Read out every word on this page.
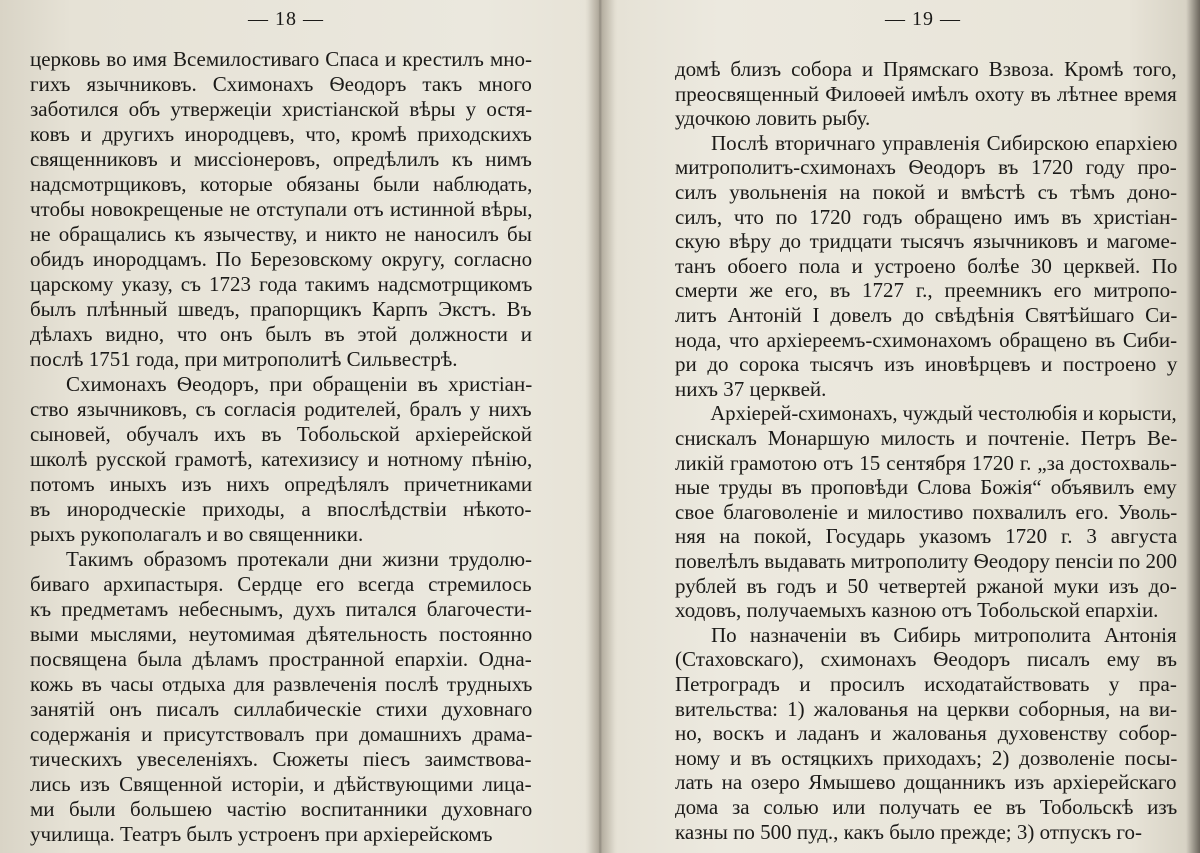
— 18 —
церковь во имя Всемилостиваго Спаса и крестилъ мно-
гихъ язычниковъ. Схимонахъ Ѳеодоръ такъ много
заботился объ утвержеціи христіанской вѣры у остя-
ковъ и другихъ инородцевъ, что, кромѣ приходскихъ
священниковъ и миссіонеровъ, опредѣлилъ къ нимъ
надсмотрщиковъ, которые обязаны были наблюдать,
чтобы новокрещеные не отступали отъ истинной вѣры,
не обращались къ язычеству, и никто не наносилъ бы
обидъ инородцамъ. По Березовскому округу, согласно
царскому указу, съ 1723 года такимъ надсмотрщикомъ
былъ плѣнный шведъ, прапорщикъ Карпъ Экстъ. Въ
дѣлахъ видно, что онъ былъ въ этой должности и
послѣ 1751 года, при митрополитѣ Сильвестрѣ.
Схимонахъ Ѳеодоръ, при обращеніи въ христіан-
ство язычниковъ, съ согласія родителей, бралъ у нихъ
сыновей, обучалъ ихъ въ Тобольской архіерейской
школѣ русской грамотѣ, катехизису и нотному пѣнію,
потомъ иныхъ изъ нихъ опредѣлялъ причетниками
въ инородческіе приходы, а впослѣдствіи нѣкото-
рыхъ рукополагалъ и во священники.
Такимъ образомъ протекали дни жизни трудолю-
биваго архипастыря. Сердце его всегда стремилось
къ предметамъ небеснымъ, духъ питался благочести-
выми мыслями, неутомимая дѣятельность постоянно
посвящена была дѣламъ пространной епархіи. Одна-
кожь въ часы отдыха для развлеченія послѣ трудныхъ
занятій онъ писалъ силлабическіе стихи духовнаго
содержанія и присутствовалъ при домашнихъ драма-
тическихъ увеселеніяхъ. Сюжеты піесъ заимствова-
лись изъ Священной исторіи, и дѣйствующими лица-
ми были большею частію воспитанники духовнаго
училища. Театръ былъ устроенъ при архіерейскомъ
— 19 —
домѣ близъ собора и Прямскаго Взвоза. Кромѣ того,
преосвященный Филоѳей имѣлъ охоту въ лѣтнее время
удочкою ловить рыбу.
Послѣ вторичнаго управленія Сибирскою епархіею
митрополитъ-схимонахъ Ѳеодоръ въ 1720 году про-
силъ увольненія на покой и вмѣстѣ съ тѣмъ доно-
силъ, что по 1720 годъ обращено имъ въ христіан-
скую вѣру до тридцати тысячъ язычниковъ и магоме-
танъ обоего пола и устроено болѣе 30 церквей. По
смерти же его, въ 1727 г., преемникъ его митропо-
литъ Антоній I довелъ до свѣдѣнія Святѣйшаго Си-
нода, что архіереемъ-схимонахомъ обращено въ Сиби-
ри до сорока тысячъ изъ иновѣрцевъ и построено у
нихъ 37 церквей.
Архіерей-схимонахъ, чуждый честолюбія и корысти,
снискалъ Монаршую милость и почтеніе. Петръ Ве-
ликій грамотою отъ 15 сентября 1720 г. „за достохваль-
ные труды въ проповѣди Слова Божія“ объявилъ ему
свое благоволеніе и милостиво похвалилъ его. Уволь-
няя на покой, Государь указомъ 1720 г. 3 августа
повелѣлъ выдавать митрополиту Ѳеодору пенсіи по 200
рублей въ годъ и 50 четвертей ржаной муки изъ до-
ходовъ, получаемыхъ казною отъ Тобольской епархіи.
По назначеніи въ Сибирь митрополита Антонія
(Стаховскаго), схимонахъ Ѳеодоръ писалъ ему въ
Петроградъ и просилъ исходатайствовать у пра-
вительства: 1) жалованья на церкви соборныя, на ви-
но, воскъ и ладанъ и жалованья духовенству собор-
ному и въ остяцкихъ приходахъ; 2) дозволеніе посы-
лать на озеро Ямышево дощанникъ изъ архіерейскаго
дома за солью или получать ее въ Тобольскѣ изъ
казны по 500 пуд., какъ было прежде; 3) отпускъ го-
